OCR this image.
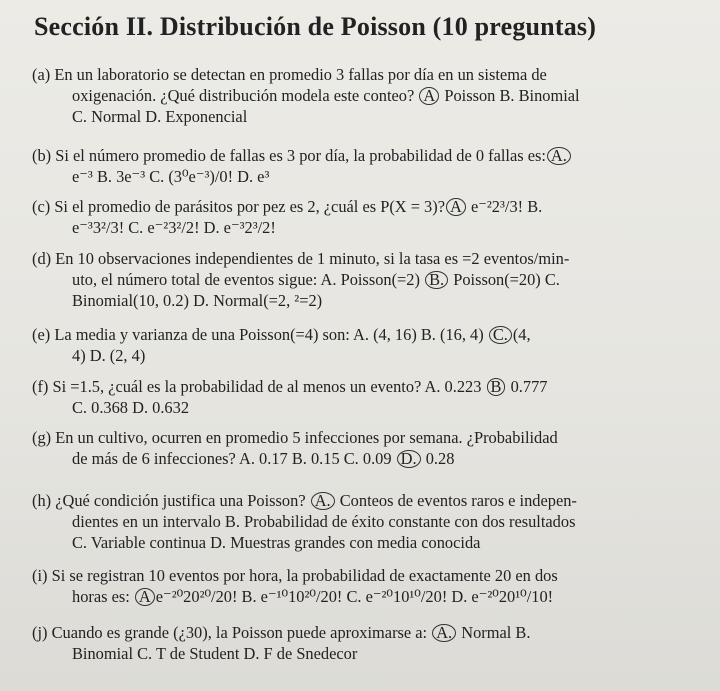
Sección II. Distribución de Poisson (10 preguntas)
(a) En un laboratorio se detectan en promedio 3 fallas por día en un sistema de
oxigenación. ¿Qué distribución modela este conteo? A Poisson B. Binomial
C. Normal D. Exponencial
(b) Si el número promedio de fallas es 3 por día, la probabilidad de 0 fallas es: A.
e⁻³ B. 3e⁻³ C. (3⁰e⁻³)/0! D. e³
(c) Si el promedio de parásitos por pez es 2, ¿cuál es P(X = 3)? A e⁻²2³/3! B.
e⁻³3²/3! C. e⁻²3²/2! D. e⁻³2³/2!
(d) En 10 observaciones independientes de 1 minuto, si la tasa es =2 eventos/min-
uto, el número total de eventos sigue: A. Poisson(=2) B. Poisson(=20) C.
Binomial(10, 0.2) D. Normal(=2, ²=2)
(e) La media y varianza de una Poisson(=4) son: A. (4, 16) B. (16, 4) C. (4,
4) D. (2, 4)
(f) Si =1.5, ¿cuál es la probabilidad de al menos un evento? A. 0.223 B 0.777
C. 0.368 D. 0.632
(g) En un cultivo, ocurren en promedio 5 infecciones por semana. ¿Probabilidad
de más de 6 infecciones? A. 0.17 B. 0.15 C. 0.09 D. 0.28
(h) ¿Qué condición justifica una Poisson? A. Conteos de eventos raros e indepen-
dientes en un intervalo B. Probabilidad de éxito constante con dos resultados
C. Variable continua D. Muestras grandes con media conocida
(i) Si se registran 10 eventos por hora, la probabilidad de exactamente 20 en dos
horas es: A e⁻²⁰20²⁰/20! B. e⁻¹⁰10²⁰/20! C. e⁻²⁰10¹⁰/20! D. e⁻²⁰20¹⁰/10!
(j) Cuando es grande (¿30), la Poisson puede aproximarse a: A. Normal B.
Binomial C. T de Student D. F de Snedecor
